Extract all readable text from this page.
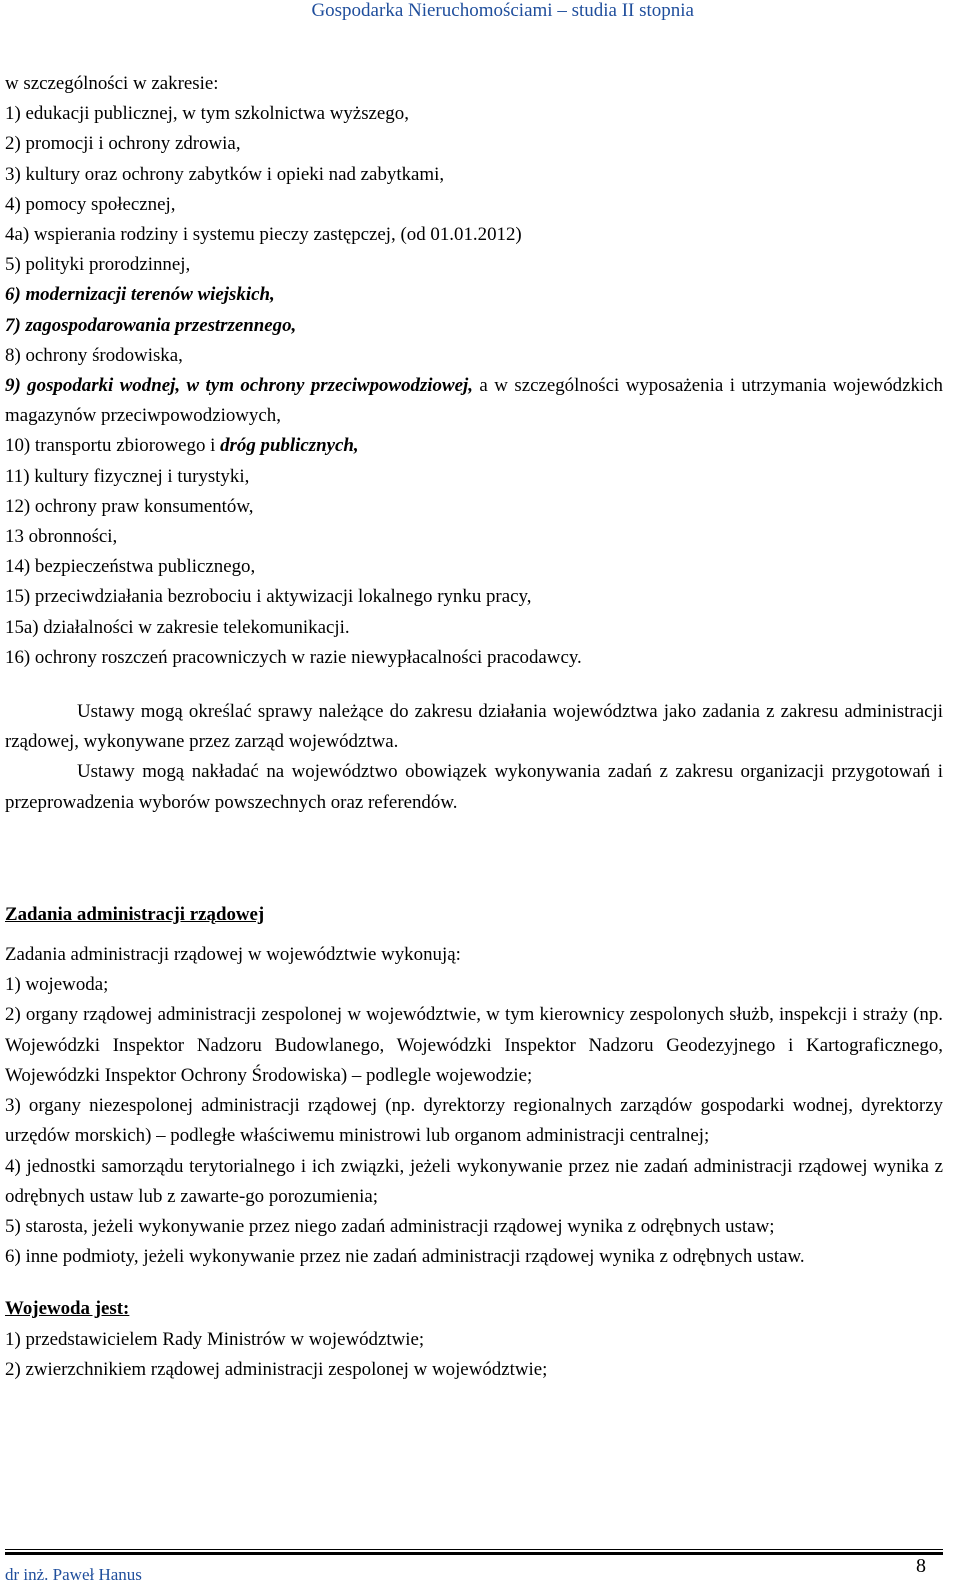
Gospodarka Nieruchomościami – studia II stopnia

w szczególności w zakresie:

1) edukacji publicznej, w tym szkolnictwa wyższego,

2) promocji i ochrony zdrowia,

3) kultury oraz ochrony zabytków i opieki nad zabytkami,

4) pomocy społecznej,

4a) wspierania rodziny i systemu pieczy zastępczej, (od 01.01.2012)

5) polityki prorodzinnej,

6) modernizacji terenów wiejskich,

7) zagospodarowania przestrzennego,

8) ochrony środowiska,

9) gospodarki wodnej, w tym ochrony przeciwpowodziowej, a w szczególności wyposażenia i utrzymania wojewódzkich magazynów przeciwpowodziowych,

10) transportu zbiorowego i dróg publicznych,

11) kultury fizycznej i turystyki,

12) ochrony praw konsumentów,

13 obronności,

14) bezpieczeństwa publicznego,

15) przeciwdziałania bezrobociu i aktywizacji lokalnego rynku pracy,

15a) działalności w zakresie telekomunikacji.

16) ochrony roszczeń pracowniczych w razie niewypłacalności pracodawcy.

Ustawy mogą określać sprawy należące do zakresu działania województwa jako zadania z zakresu administracji rządowej, wykonywane przez zarząd województwa.

Ustawy mogą nakładać na województwo obowiązek wykonywania zadań z zakresu organizacji przygotowań i przeprowadzenia wyborów powszechnych oraz referendów.

Zadania administracji rządowej

Zadania administracji rządowej w województwie wykonują:

1) wojewoda;

2) organy rządowej administracji zespolonej w województwie, w tym kierownicy zespolonych służb, inspekcji i straży (np. Wojewódzki Inspektor Nadzoru Budowlanego, Wojewódzki Inspektor Nadzoru Geodezyjnego i Kartograficznego, Wojewódzki Inspektor Ochrony Środowiska) – podlegle wojewodzie;

3) organy niezespolonej administracji rządowej (np. dyrektorzy regionalnych zarządów gospodarki wodnej, dyrektorzy urzędów morskich) – podległe właściwemu ministrowi lub organom administracji centralnej;

4) jednostki samorządu terytorialnego i ich związki, jeżeli wykonywanie przez nie zadań administracji rządowej wynika z odrębnych ustaw lub z zawarte-go porozumienia;

5) starosta, jeżeli wykonywanie przez niego zadań administracji rządowej wynika z odrębnych ustaw;

6) inne podmioty, jeżeli wykonywanie przez nie zadań administracji rządowej wynika z odrębnych ustaw.

Wojewoda jest:

1) przedstawicielem Rady Ministrów w województwie;

2) zwierzchnikiem rządowej administracji zespolonej w województwie;

dr inż. Paweł Hanus	8
